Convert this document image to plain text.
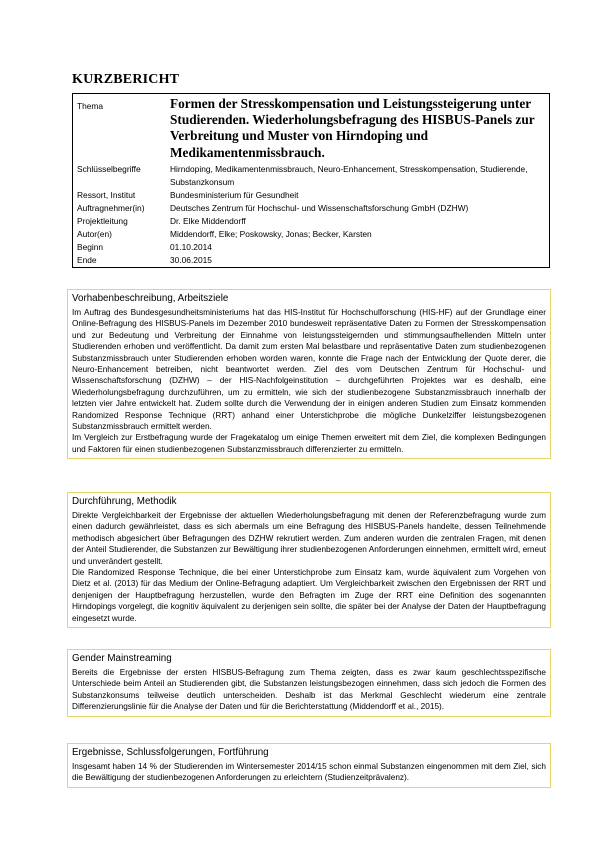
KURZBERICHT
Thema	Formen der Stresskompensation und Leistungssteigerung unter Studierenden. Wiederholungsbefragung des HISBUS-Panels zur Verbreitung und Muster von Hirndoping und Medikamentenmissbrauch.
Schlüsselbegriffe	Hirndoping, Medikamentenmissbrauch, Neuro-Enhancement, Stresskompensation, Studierende, Substanzkonsum
Ressort, Institut	Bundesministerium für Gesundheit
Auftragnehmer(in)	Deutsches Zentrum für Hochschul- und Wissenschaftsforschung GmbH (DZHW)
Projektleitung	Dr. Elke Middendorff
Autor(en)	Middendorff, Elke; Poskowsky, Jonas; Becker, Karsten
Beginn	01.10.2014
Ende	30.06.2015
Vorhabenbeschreibung, Arbeitsziele

Im Auftrag des Bundesgesundheitsministeriums hat das HIS-Institut für Hochschulforschung (HIS-HF) auf der Grundlage einer Online-Befragung des HISBUS-Panels im Dezember 2010 bundesweit repräsentative Daten zu Formen der Stresskompensation und zur Bedeutung und Verbreitung der Einnahme von leistungssteigernden und stimmungsaufhellenden Mitteln unter Studierenden erhoben und veröffentlicht. Da damit zum ersten Mal belastbare und repräsentative Daten zum studienbezogenen Substanzmissbrauch unter Studierenden erhoben worden waren, konnte die Frage nach der Entwicklung der Quote derer, die Neuro-Enhancement betreiben, nicht beantwortet werden. Ziel des vom Deutschen Zentrum für Hochschul- und Wissenschaftsforschung (DZHW) – der HIS-Nachfolgeinstitution – durchgeführten Projektes war es deshalb, eine Wiederholungsbefragung durchzuführen, um zu ermitteln, wie sich der studienbezogene Substanzmissbrauch innerhalb der letzten vier Jahre entwickelt hat. Zudem sollte durch die Verwendung der in einigen anderen Studien zum Einsatz kommenden Randomized Response Technique (RRT) anhand einer Unterstichprobe die mögliche Dunkelziffer leistungsbezogenen Substanzmissbrauch ermittelt werden.

Im Vergleich zur Erstbefragung wurde der Fragekatalog um einige Themen erweitert mit dem Ziel, die komplexen Bedingungen und Faktoren für einen studienbezogenen Substanzmissbrauch differenzierter zu ermitteln.

Durchführung, Methodik

Direkte Vergleichbarkeit der Ergebnisse der aktuellen Wiederholungsbefragung mit denen der Referenzbefragung wurde zum einen dadurch gewährleistet, dass es sich abermals um eine Befragung des HISBUS-Panels handelte, dessen Teilnehmende methodisch abgesichert über Befragungen des DZHW rekrutiert werden. Zum anderen wurden die zentralen Fragen, mit denen der Anteil Studierender, die Substanzen zur Bewältigung ihrer studienbezogenen Anforderungen einnehmen, ermittelt wird, erneut und unverändert gestellt.

Die Randomized Response Technique, die bei einer Unterstichprobe zum Einsatz kam, wurde äquivalent zum Vorgehen von Dietz et al. (2013) für das Medium der Online-Befragung adaptiert. Um Vergleichbarkeit zwischen den Ergebnissen der RRT und denjenigen der Hauptbefragung herzustellen, wurde den Befragten im Zuge der RRT eine Definition des sogenannten Hirndopings vorgelegt, die kognitiv äquivalent zu derjenigen sein sollte, die später bei der Analyse der Daten der Hauptbefragung eingesetzt wurde.

Gender Mainstreaming

Bereits die Ergebnisse der ersten HISBUS-Befragung zum Thema zeigten, dass es zwar kaum geschlechtsspezifische Unterschiede beim Anteil an Studierenden gibt, die Substanzen leistungsbezogen einnehmen, dass sich jedoch die Formen des Substanzkonsums teilweise deutlich unterscheiden. Deshalb ist das Merkmal Geschlecht wiederum eine zentrale Differenzierungslinie für die Analyse der Daten und für die Berichterstattung (Middendorff et al., 2015).

Ergebnisse, Schlussfolgerungen, Fortführung

Insgesamt haben 14 % der Studierenden im Wintersemester 2014/15 schon einmal Substanzen eingenommen mit dem Ziel, sich die Bewältigung der studienbezogenen Anforderungen zu erleichtern (Studienzeitprävalenz).
